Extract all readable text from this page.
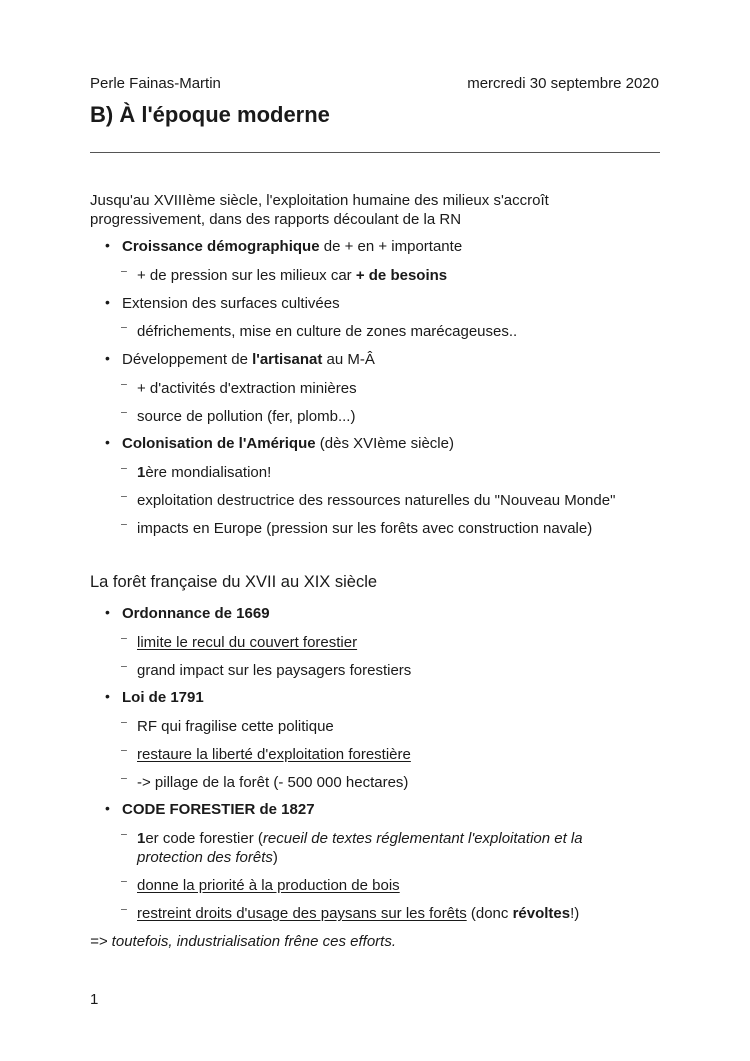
Perle Fainas-Martin	mercredi 30 septembre 2020
B) À l'époque moderne
Jusqu'au XVIIIème siècle, l'exploitation humaine des milieux s'accroît
progressivement, dans des rapports découlant de la RN
• Croissance démographique de + en + importante
⁻ + de pression sur les milieux car + de besoins
• Extension des surfaces cultivées
⁻ défrichements, mise en culture de zones marécageuses..
• Développement de l'artisanat au M-Â
⁻ + d'activités d'extraction minières
⁻ source de pollution (fer, plomb...)
• Colonisation de l'Amérique (dès XVIème siècle)
⁻ 1ère mondialisation!
⁻ exploitation destructrice des ressources naturelles du "Nouveau Monde"
⁻ impacts en Europe (pression sur les forêts avec construction navale)
La forêt française du XVII au XIX siècle
• Ordonnance de 1669
⁻ limite le recul du couvert forestier
⁻ grand impact sur les paysagers forestiers
• Loi de 1791
⁻ RF qui fragilise cette politique
⁻ restaure la liberté d'exploitation forestière
⁻ -> pillage de la forêt (- 500 000 hectares)
• CODE FORESTIER de 1827
⁻ 1er code forestier (recueil de textes réglementant l'exploitation et la
protection des forêts)
⁻ donne la priorité à la production de bois
⁻ restreint droits d'usage des paysans sur les forêts (donc révoltes!)
=> toutefois, industrialisation frêne ces efforts.
1
